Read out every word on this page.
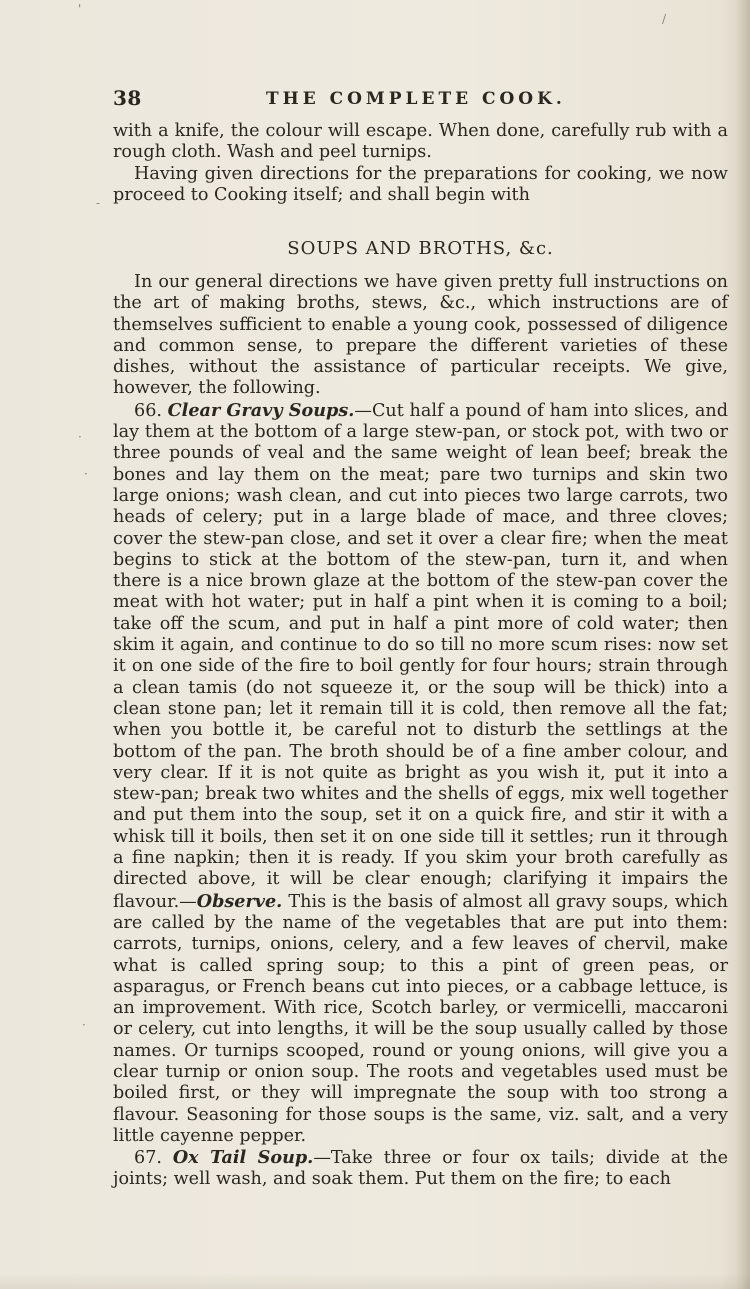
'
/
-
·
·
·
38	THE COMPLETE COOK.

with a knife, the colour will escape. When done, carefully rub with a rough cloth. Wash and peel turnips.

Having given directions for the preparations for cooking, we now proceed to Cooking itself; and shall begin with

SOUPS AND BROTHS, &c.

In our general directions we have given pretty full instructions on the art of making broths, stews, &c., which instructions are of themselves sufficient to enable a young cook, possessed of diligence and common sense, to prepare the different varieties of these dishes, without the assistance of particular receipts. We give, however, the following.

66. Clear Gravy Soups.—Cut half a pound of ham into slices, and lay them at the bottom of a large stew-pan, or stock pot, with two or three pounds of veal and the same weight of lean beef; break the bones and lay them on the meat; pare two turnips and skin two large onions; wash clean, and cut into pieces two large carrots, two heads of celery; put in a large blade of mace, and three cloves; cover the stew-pan close, and set it over a clear fire; when the meat begins to stick at the bottom of the stew-pan, turn it, and when there is a nice brown glaze at the bottom of the stew-pan cover the meat with hot water; put in half a pint when it is coming to a boil; take off the scum, and put in half a pint more of cold water; then skim it again, and continue to do so till no more scum rises: now set it on one side of the fire to boil gently for four hours; strain through a clean tamis (do not squeeze it, or the soup will be thick) into a clean stone pan; let it remain till it is cold, then remove all the fat; when you bottle it, be careful not to disturb the settlings at the bottom of the pan. The broth should be of a fine amber colour, and very clear. If it is not quite as bright as you wish it, put it into a stew-pan; break two whites and the shells of eggs, mix well together and put them into the soup, set it on a quick fire, and stir it with a whisk till it boils, then set it on one side till it settles; run it through a fine napkin; then it is ready. If you skim your broth carefully as directed above, it will be clear enough; clarifying it impairs the flavour.—Observe. This is the basis of almost all gravy soups, which are called by the name of the vegetables that are put into them: carrots, turnips, onions, celery, and a few leaves of chervil, make what is called spring soup; to this a pint of green peas, or asparagus, or French beans cut into pieces, or a cabbage lettuce, is an improvement. With rice, Scotch barley, or vermicelli, maccaroni or celery, cut into lengths, it will be the soup usually called by those names. Or turnips scooped, round or young onions, will give you a clear turnip or onion soup. The roots and vegetables used must be boiled first, or they will impregnate the soup with too strong a flavour. Seasoning for those soups is the same, viz. salt, and a very little cayenne pepper.

67. Ox Tail Soup.—Take three or four ox tails; divide at the joints; well wash, and soak them. Put them on the fire; to each
